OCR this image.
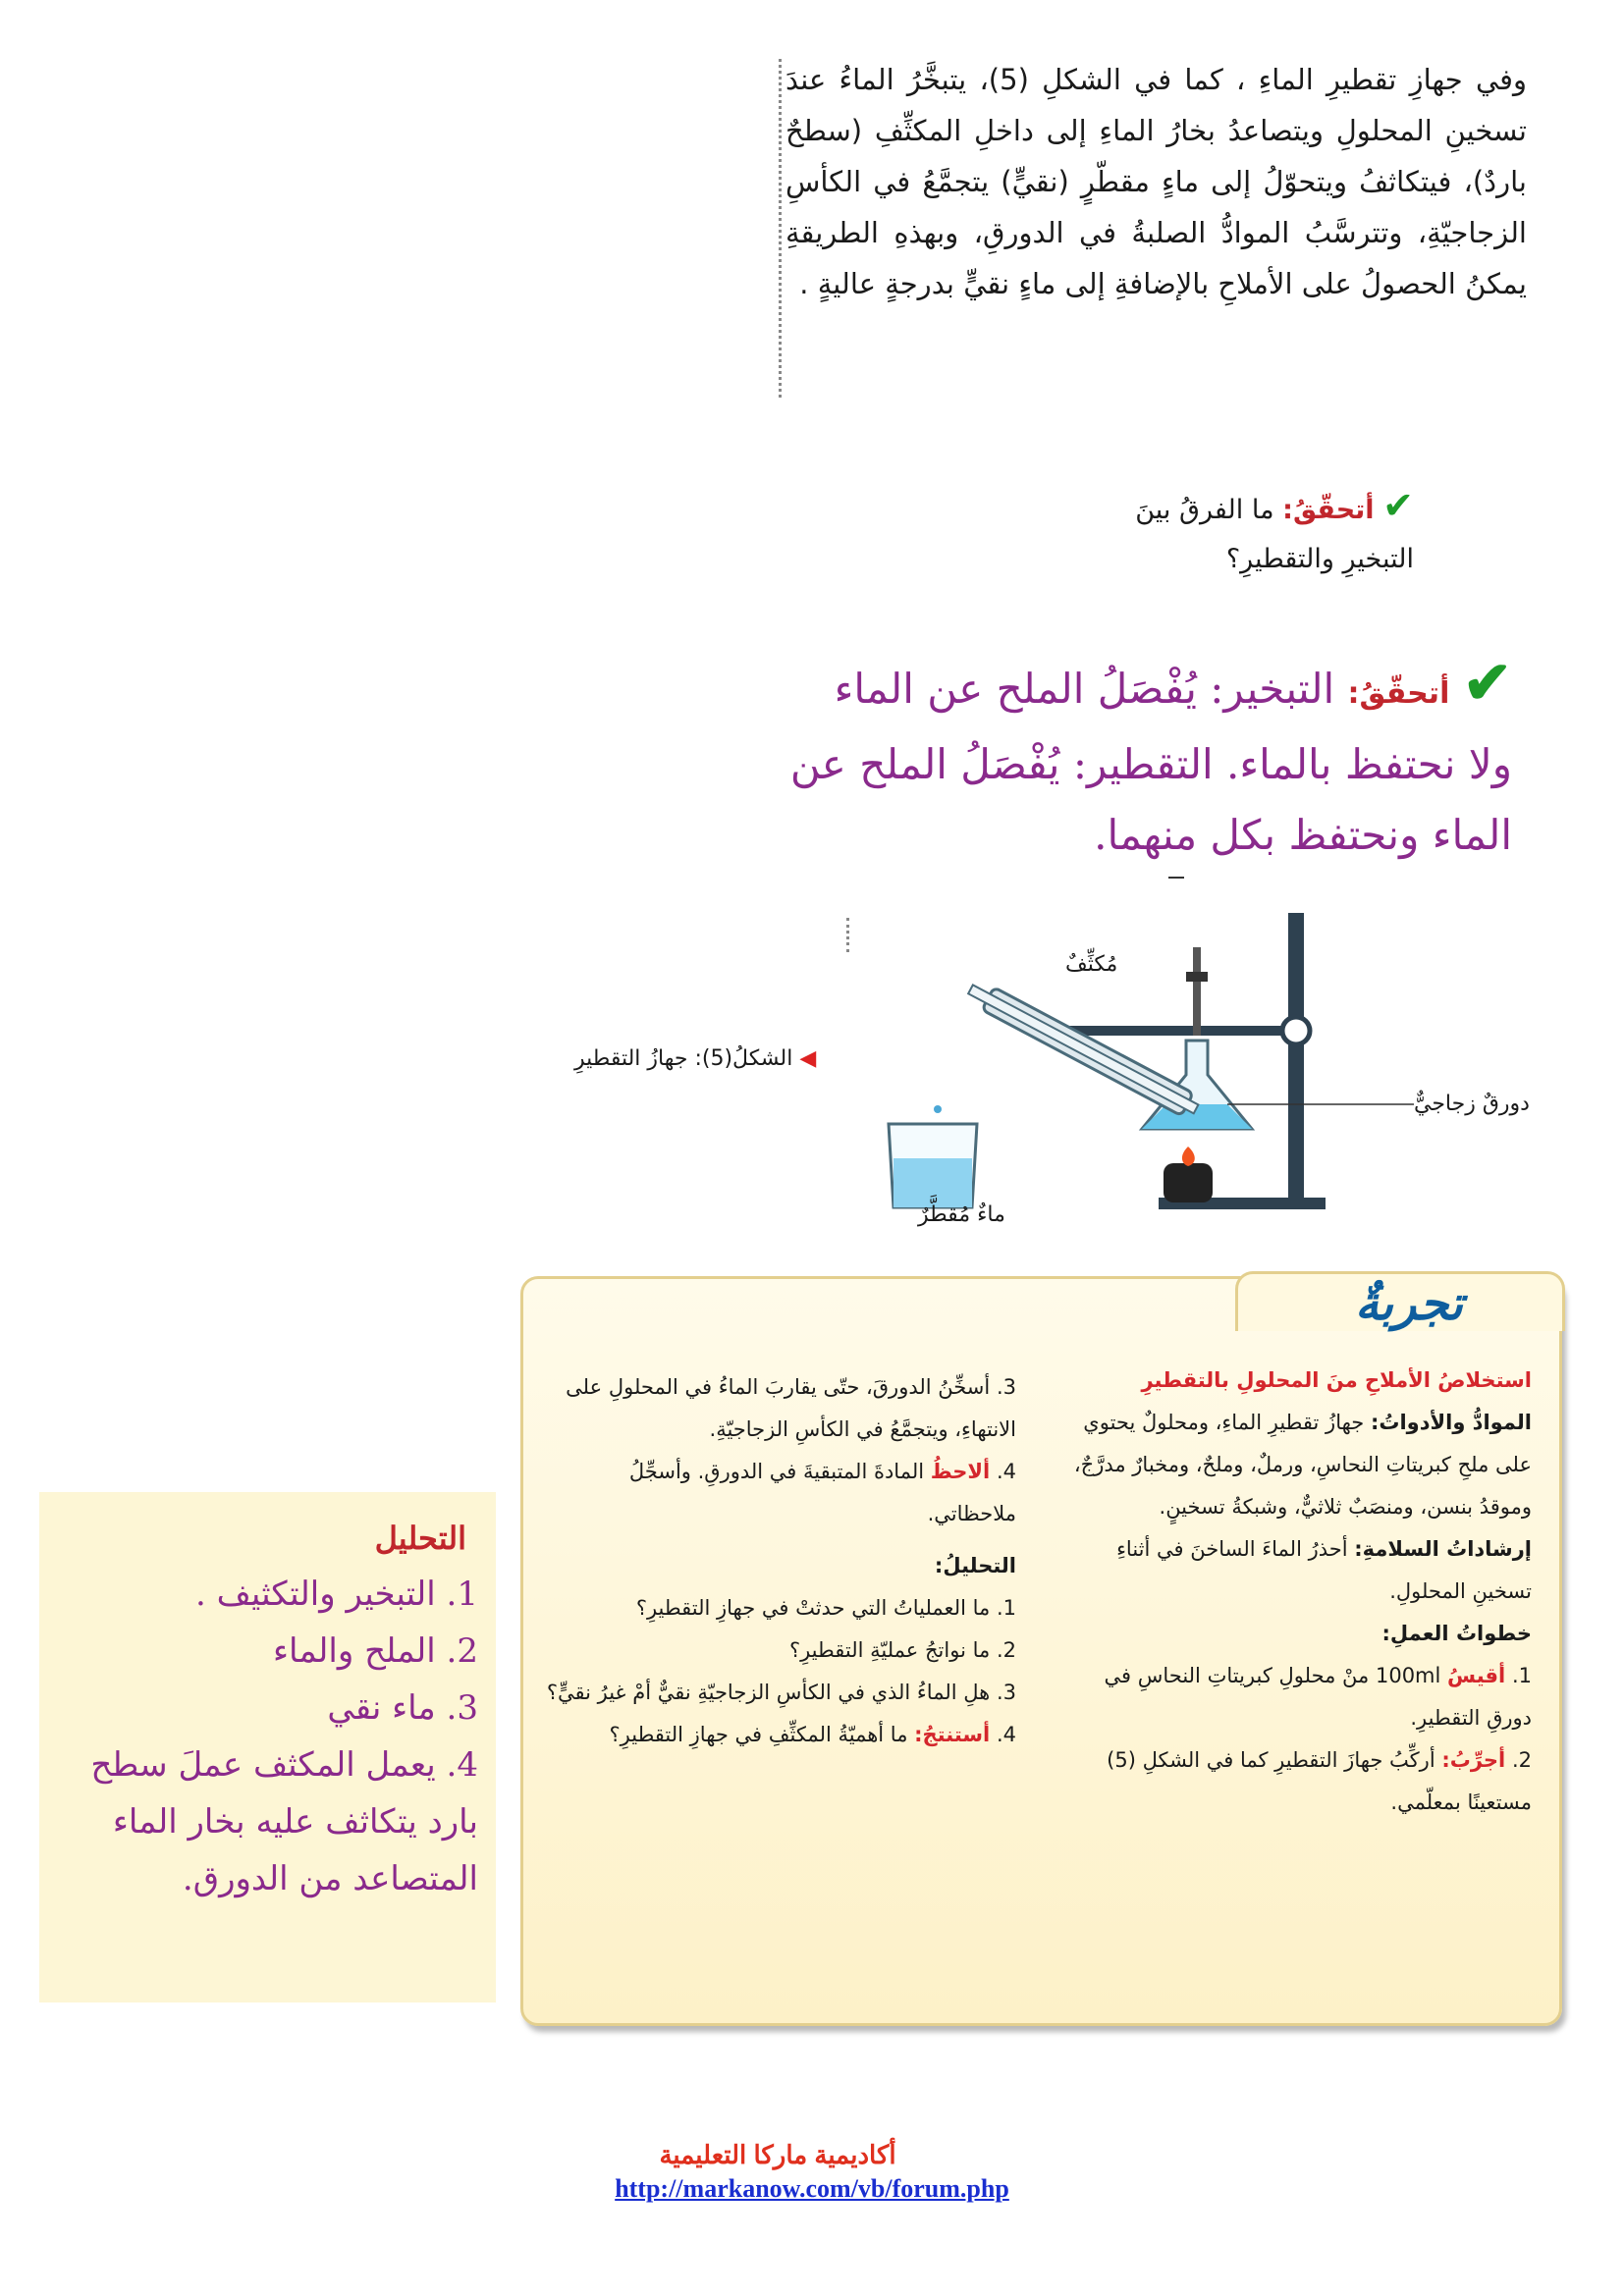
وفي جهازِ تقطيرِ الماءِ ، كما في الشكلِ (5)، يتبخَّرُ الماءُ عندَ تسخينِ المحلولِ ويتصاعدُ بخارُ الماءِ إلى داخلِ المكثِّفِ (سطحٌ باردٌ)، فيتكاثفُ ويتحوّلُ إلى ماءٍ مقطّرٍ (نقيٍّ) يتجمَّعُ في الكأسِ الزجاجيّةِ، وتترسَّبُ الموادُّ الصلبةُ في الدورقِ، وبهذهِ الطريقةِ يمكنُ الحصولُ على الأملاحِ بالإضافةِ إلى ماءٍ نقيٍّ بدرجةٍ عاليةٍ .

✔ أتحقّقُ: ما الفرقُ بينَ التبخيرِ والتقطيرِ؟
✔ أتحقّقُ: التبخير: يُفْصَلُ الملح عن الماء ولا نحتفظ بالماء. التقطير: يُفْصَلُ الملح عن الماء ونحتفظ بكل منهما.
◀ الشكلُ(5): جهازُ التقطيرِ
مُكثِّفٌ
دورقٌ زجاجيٌّ
ماءٌ مُقطَّرٌ
تجربةٌ
استخلاصُ الأملاحِ منَ المحلولِ بالتقطيرِ
الموادُّ والأدواتُ: جهازُ تقطيرِ الماءِ، ومحلولٌ يحتوي على ملحِ كبريتاتِ النحاسِ، ورملٌ، وملحٌ، ومخبارٌ مدرَّجٌ، وموقدُ بنسن، ومنصَبٌ ثلاثيٌّ، وشبكةُ تسخينٍ.
إرشاداتُ السلامةِ: أحذرُ الماءَ الساخنَ في أثناءِ تسخينِ المحلولِ.
خطواتُ العملِ:
1. أقيسُ 100ml منْ محلولِ كبريتاتِ النحاسِ في دورقِ التقطيرِ.
2. أجرِّبُ: أركِّبُ جهازَ التقطيرِ كما في الشكلِ (5) مستعينًا بمعلّمي.
3. أسخِّنُ الدورقَ، حتّى يقاربَ الماءُ في المحلولِ على الانتهاءِ، ويتجمَّعُ في الكأسِ الزجاجيّةِ.
4. ألاحظُ المادةَ المتبقيةَ في الدورقِ. وأسجِّلُ ملاحظاتي.
التحليلُ:
1. ما العملياتُ التي حدثتْ في جهازِ التقطيرِ؟
2. ما نواتجُ عمليّةِ التقطيرِ؟
3. هلِ الماءُ الذي في الكأسِ الزجاجيّةِ نقيٌّ أمْ غيرُ نقيٍّ؟
4. أستنتجُ: ما أهميّةُ المكثِّفِ في جهازِ التقطيرِ؟
التحليل
1. التبخير والتكثيف .
2. الملح والماء
3. ماء نقي
4. يعمل المكثف عملَ سطح بارد يتكاثف عليه بخار الماء المتصاعد من الدورق.
أكاديمية ماركا التعليمية
http://markanow.com/vb/forum.php
